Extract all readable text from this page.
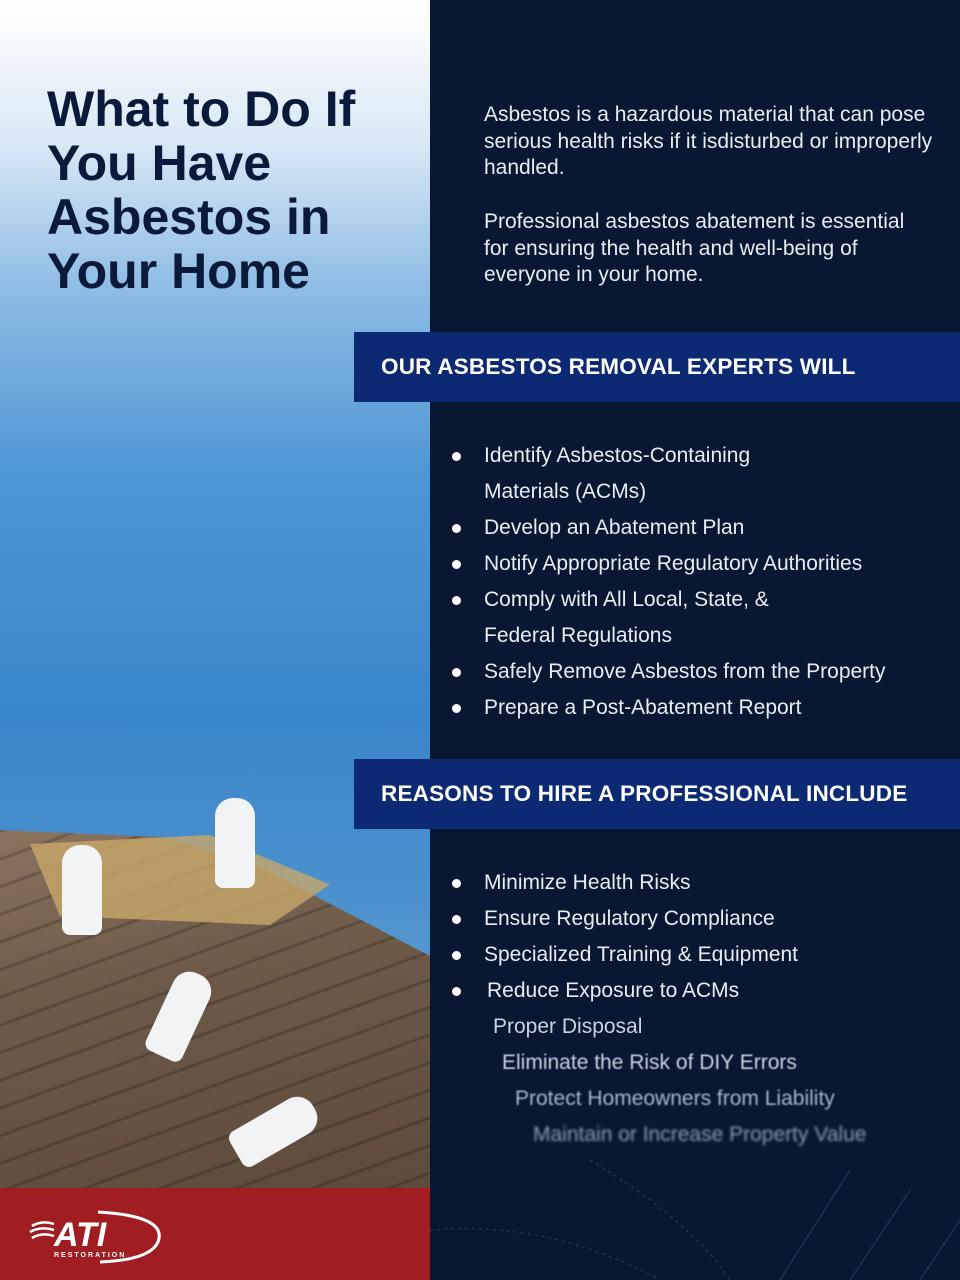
What to Do If You Have Asbestos in Your Home

Asbestos is a hazardous material that can pose serious health risks if it isdisturbed or improperly handled.

Professional asbestos abatement is essential for ensuring the health and well-being of everyone in your home.

OUR ASBESTOS REMOVAL EXPERTS WILL
Identify Asbestos-Containing Materials (ACMs)
Develop an Abatement Plan
Notify Appropriate Regulatory Authorities
Comply with All Local, State, & Federal Regulations
Safely Remove Asbestos from the Property
Prepare a Post-Abatement Report
REASONS TO HIRE A PROFESSIONAL INCLUDE
Minimize Health Risks
Ensure Regulatory Compliance
Specialized Training & Equipment
Reduce Exposure to ACMs
Proper Disposal
Eliminate the Risk of DIY Errors
Protect Homeowners from Liability
Maintain or Increase Property Value
ATI
RESTORATION
